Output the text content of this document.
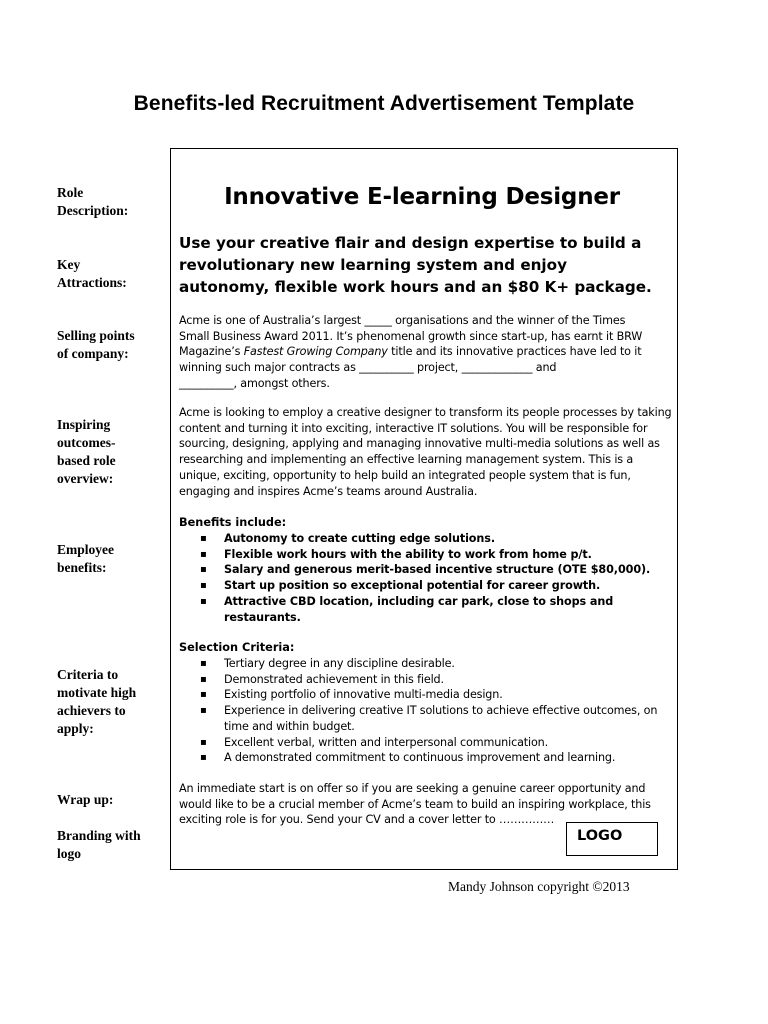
Benefits-led Recruitment Advertisement Template
Role
Description:
Key
Attractions:
Selling points
of company:
Inspiring
outcomes-
based role
overview:
Employee
benefits:
Criteria to
motivate high
achievers to
apply:
Wrap up:
Branding with
logo
Innovative E-learning Designer
Use your creative flair and design expertise to build a
revolutionary new learning system and enjoy
autonomy, flexible work hours and an $80 K+ package.
Acme is one of Australia’s largest _____ organisations and the winner of the Times
Small Business Award 2011. It’s phenomenal growth since start-up, has earnt it BRW
Magazine’s Fastest Growing Company title and its innovative practices have led to it
winning such major contracts as __________ project, _____________ and
__________, amongst others.
Acme is looking to employ a creative designer to transform its people processes by taking
content and turning it into exciting, interactive IT solutions. You will be responsible for
sourcing, designing, applying and managing innovative multi-media solutions as well as
researching and implementing an effective learning management system. This is a
unique, exciting, opportunity to help build an integrated people system that is fun,
engaging and inspires Acme’s teams around Australia.
Benefits include:
▪ Autonomy to create cutting edge solutions.
▪ Flexible work hours with the ability to work from home p/t.
▪ Salary and generous merit-based incentive structure (OTE $80,000).
▪ Start up position so exceptional potential for career growth.
▪ Attractive CBD location, including car park, close to shops and restaurants.
Selection Criteria:
▪ Tertiary degree in any discipline desirable.
▪ Demonstrated achievement in this field.
▪ Existing portfolio of innovative multi-media design.
▪ Experience in delivering creative IT solutions to achieve effective outcomes, on time and within budget.
▪ Excellent verbal, written and interpersonal communication.
▪ A demonstrated commitment to continuous improvement and learning.
An immediate start is on offer so if you are seeking a genuine career opportunity and
would like to be a crucial member of Acme’s team to build an inspiring workplace, this
exciting role is for you. Send your CV and a cover letter to ……………
LOGO
Mandy Johnson copyright ©2013
